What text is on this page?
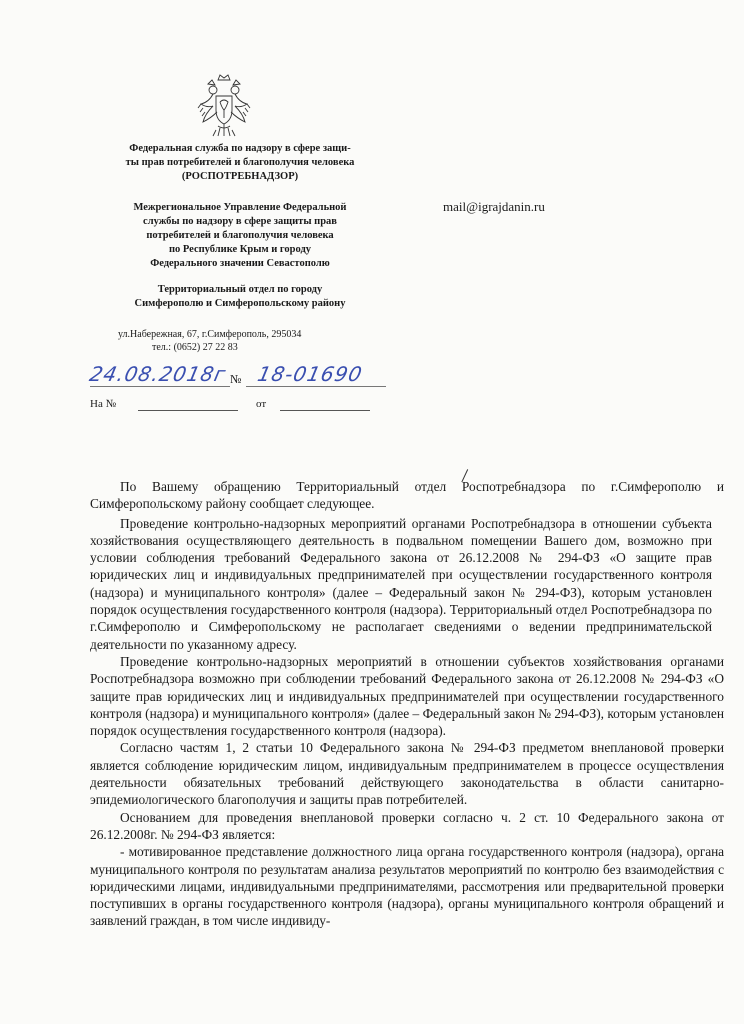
Федеральная служба по надзору в сфере защи-
ты прав потребителей и благополучия человека
(РОСПОТРЕБНАДЗОР)
Межрегиональное Управление Федеральной
службы по надзору в сфере защиты прав
потребителей и благополучия человека
по Республике Крым и городу
Федерального значении Севастополю
Территориальный отдел по городу
Симферополю и Симферопольскому району
ул.Набережная, 67, г.Симферополь, 295034
тел.: (0652) 27 22 83
mail@igrajdanin.ru
24.08.2018г № 18-01690
На №	от

По Вашему обращению Территориальный отдел Роспотребнадзора по г.Симферополю и Симферопольскому району сообщает следующее.

Проведение контрольно-надзорных мероприятий органами Роспотребнадзора в отношении субъекта хозяйствования осуществляющего деятельность в подвальном помещении Вашего дом, возможно при условии соблюдения требований Федерального закона от 26.12.2008 № 294-ФЗ «О защите прав юридических лиц и индивидуальных предпринимателей при осуществлении государственного контроля (надзора) и муниципального контроля» (далее – Федеральный закон № 294-ФЗ), которым установлен порядок осуществления государственного контроля (надзора). Территориальный отдел Роспотребнадзора по г.Симферополю и Симферопольскому не располагает сведениями о ведении предпринимательской деятельности по указанному адресу.

Проведение контрольно-надзорных мероприятий в отношении субъектов хозяйствования органами Роспотребнадзора возможно при соблюдении требований Федерального закона от 26.12.2008 № 294-ФЗ «О защите прав юридических лиц и индивидуальных предпринимателей при осуществлении государственного контроля (надзора) и муниципального контроля» (далее – Федеральный закон № 294-ФЗ), которым установлен порядок осуществления государственного контроля (надзора).

Согласно частям 1, 2 статьи 10 Федерального закона № 294-ФЗ предметом внеплановой проверки является соблюдение юридическим лицом, индивидуальным предпринимателем в процессе осуществления деятельности обязательных требований действующего законодательства в области санитарно-эпидемиологического благополучия и защиты прав потребителей.

Основанием для проведения внеплановой проверки согласно ч. 2 ст. 10 Федерального закона от 26.12.2008г. № 294-ФЗ является:

- мотивированное представление должностного лица органа государственного контроля (надзора), органа муниципального контроля по результатам анализа результатов мероприятий по контролю без взаимодействия с юридическими лицами, индивидуальными предпринимателями, рассмотрения или предварительной проверки поступивших в органы государственного контроля (надзора), органы муниципального контроля обращений и заявлений граждан, в том числе индивиду-
